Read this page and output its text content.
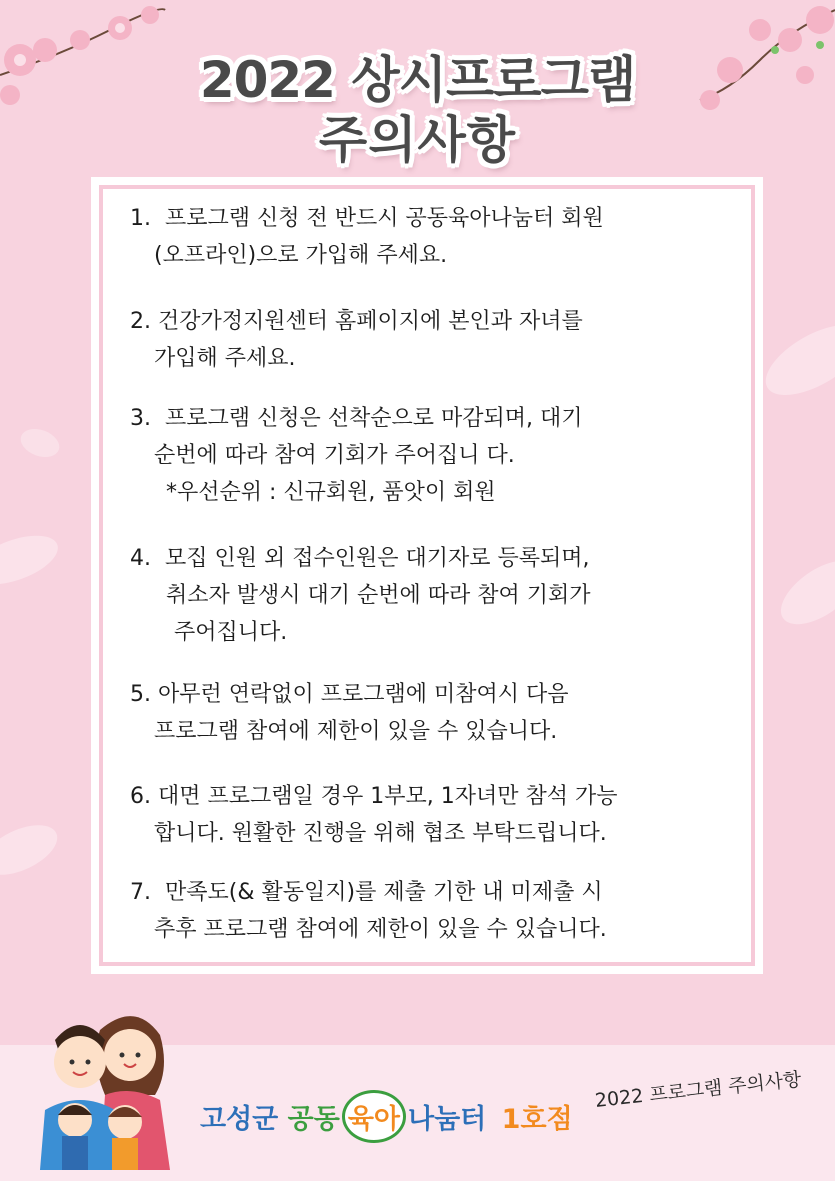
2022 상시프로그램
주의사항
1. 프로그램 신청 전 반드시 공동육아나눔터 회원
(오프라인)으로 가입해 주세요.
2. 건강가정지원센터 홈페이지에 본인과 자녀를
가입해 주세요.
3. 프로그램 신청은 선착순으로 마감되며, 대기
순번에 따라 참여 기회가 주어집니 다.
*우선순위 : 신규회원, 품앗이 회원
4. 모집 인원 외 접수인원은 대기자로 등록되며,
취소자 발생시 대기 순번에 따라 참여 기회가
주어집니다.
5. 아무런 연락없이 프로그램에 미참여시 다음
프로그램 참여에 제한이 있을 수 있습니다.
6. 대면 프로그램일 경우 1부모, 1자녀만 참석 가능
합니다. 원활한 진행을 위해 협조 부탁드립니다.
7. 만족도(& 활동일지)를 제출 기한 내 미제출 시
추후 프로그램 참여에 제한이 있을 수 있습니다.
고성군 공동 육아 나눔터 1호점
2022 프로그램 주의사항
